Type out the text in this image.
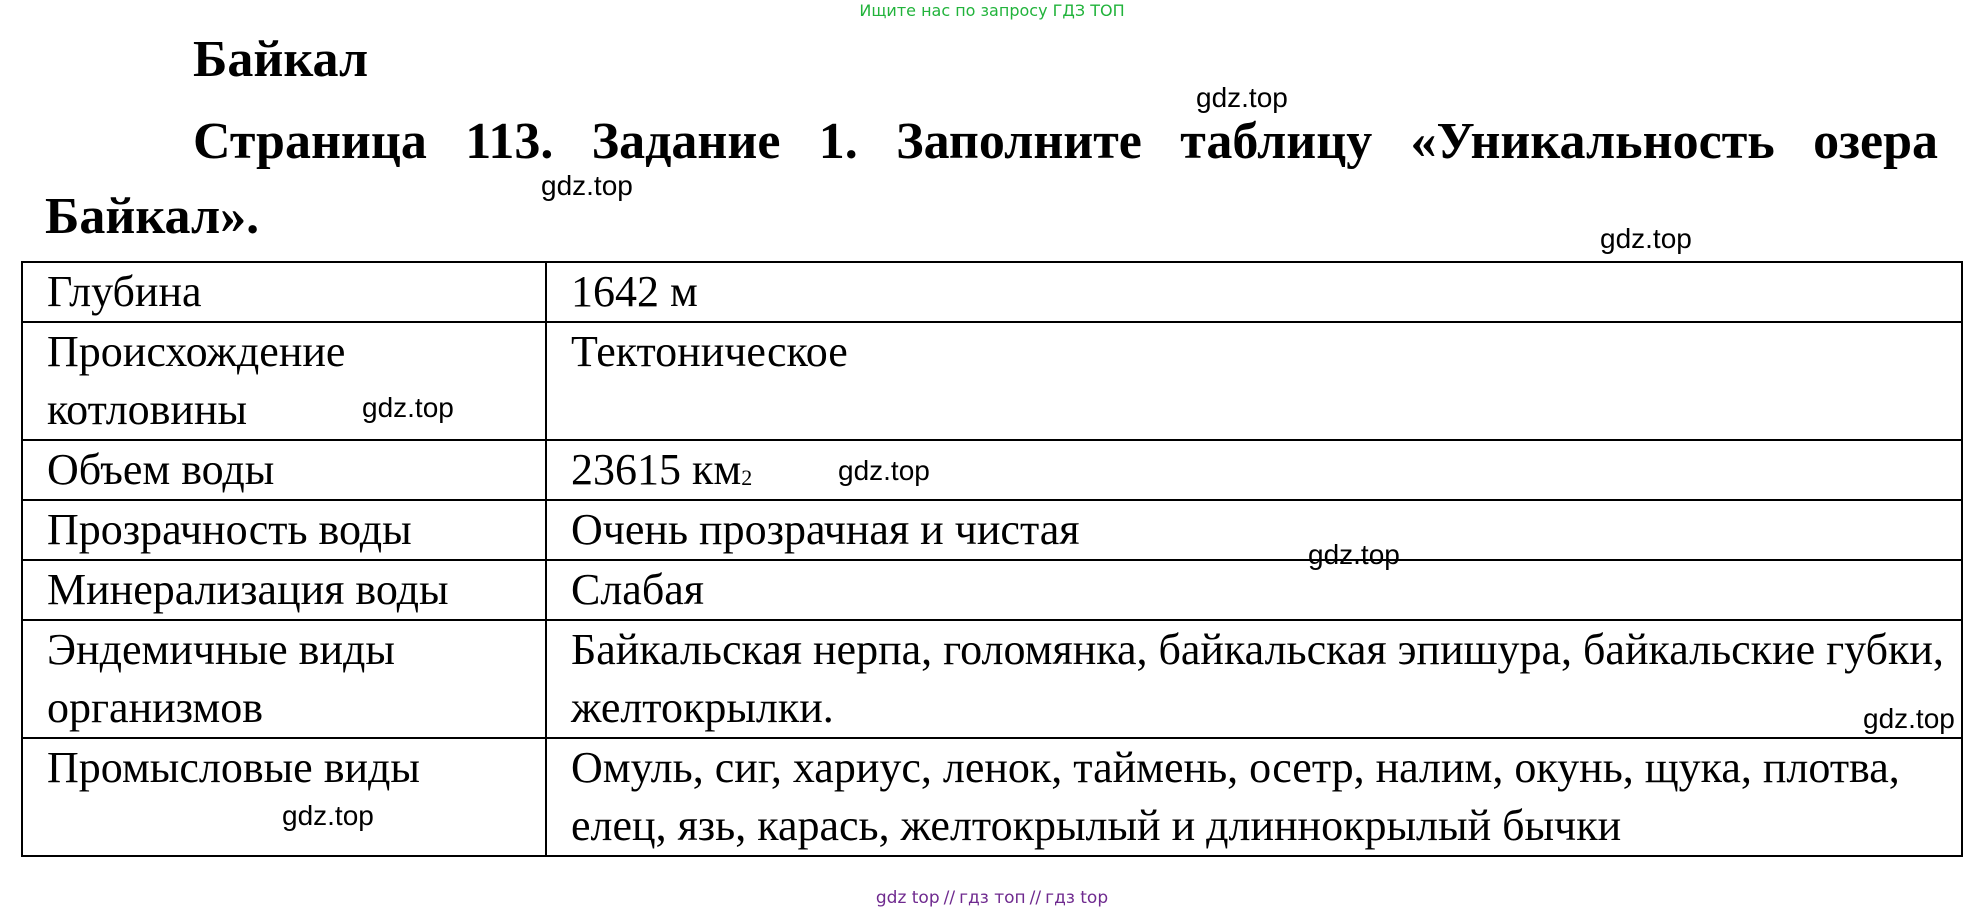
Ищите нас по запросу ГДЗ ТОП
Байкал
Страница 113. Задание 1. Заполните таблицу «Уникальность озера Байкал».
Глубина	1642 м
Происхождение котловины	Тектоническое
Объем воды	23615 $км^2$
Прозрачность воды	Очень прозрачная и чистая
Минерализация воды	Слабая
Эндемичные виды организмов	Байкальская нерпа, голомянка, байкальская эпишура, байкальские губки, желтокрылки.
Промысловые виды	Омуль, сиг, хариус, ленок, таймень, осетр, налим, окунь, щука, плотва, елец, язь, карась, желтокрылый и длиннокрылый бычки
gdz.top
gdz.top
gdz.top
gdz.top
gdz.top
gdz.top
gdz.top
gdz.top
gdz top // гдз топ // гдз top
